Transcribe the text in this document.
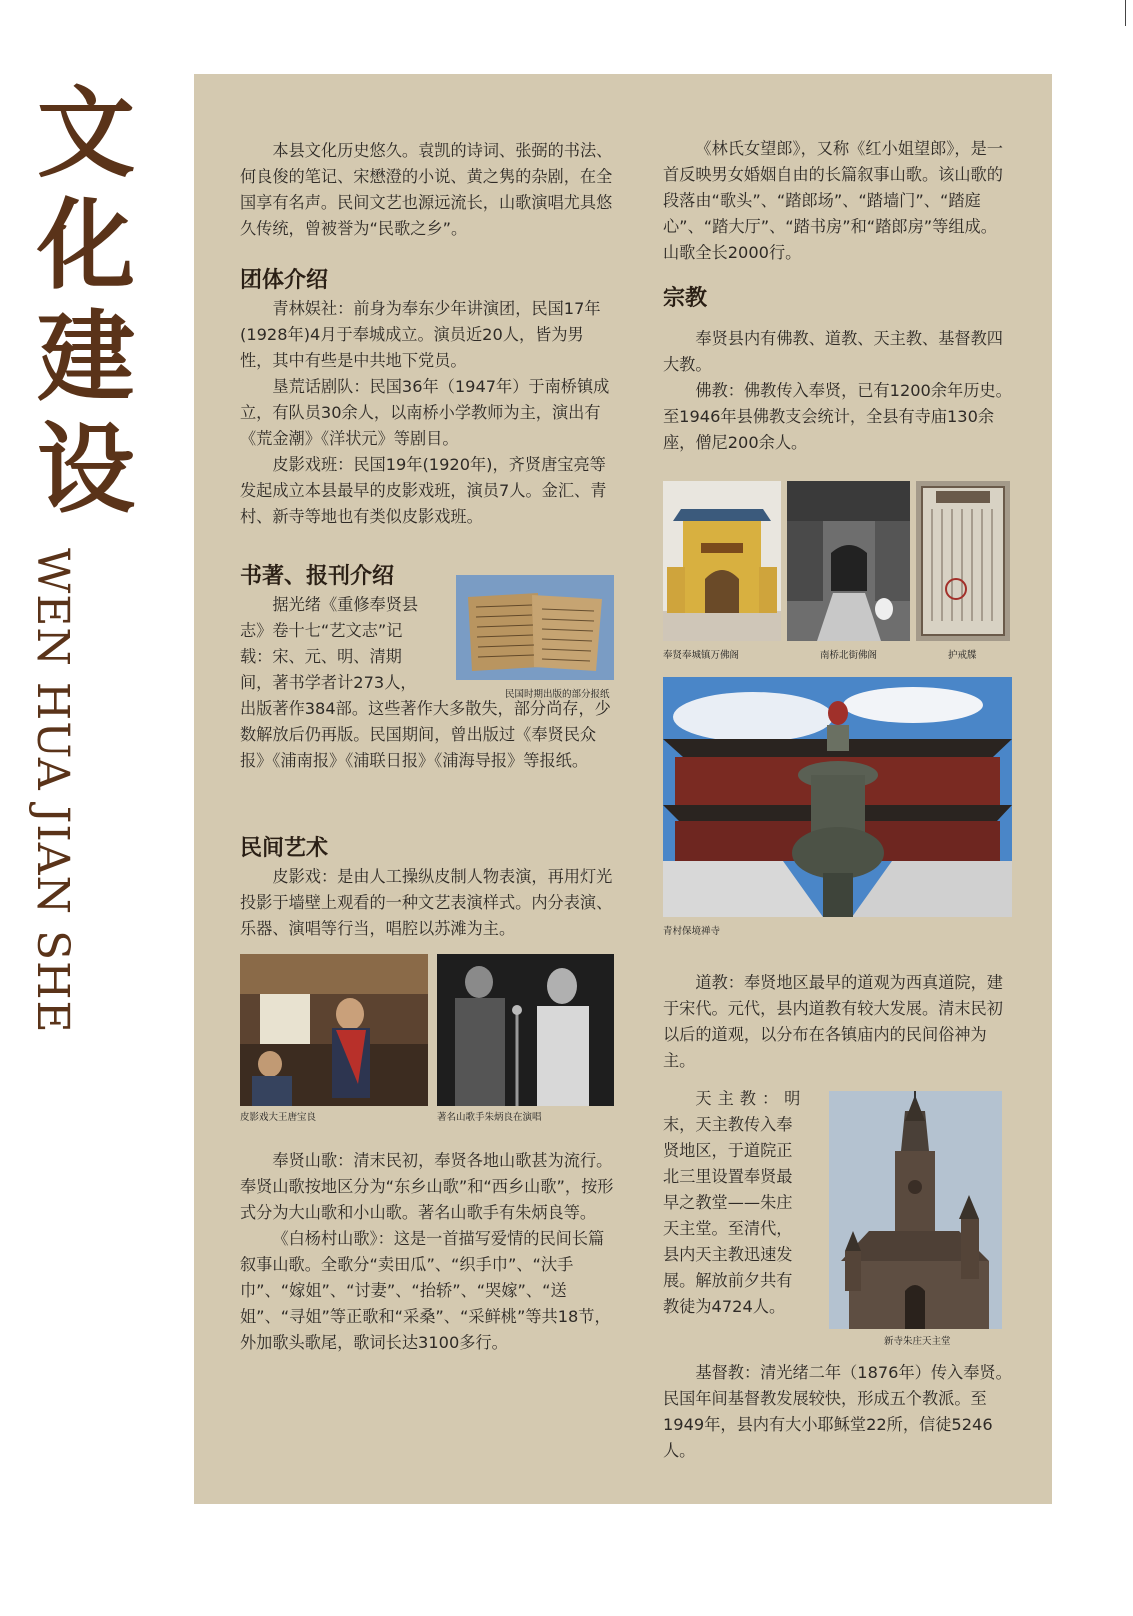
文
化
建
设
WEN HUA JIAN SHE

本县文化历史悠久。袁凯的诗词、张弼的书法、何良俊的笔记、宋懋澄的小说、黄之隽的杂剧，在全国享有名声。民间文艺也源远流长，山歌演唱尤具悠久传统，曾被誉为“民歌之乡”。

团体介绍

青林娱社：前身为奉东少年讲演团，民国17年(1928年)4月于奉城成立。演员近20人，皆为男性，其中有些是中共地下党员。

垦荒话剧队：民国36年（1947年）于南桥镇成立，有队员30余人，以南桥小学教师为主，演出有《荒金潮》《洋状元》等剧目。

皮影戏班：民国19年(1920年)，齐贤唐宝亮等发起成立本县最早的皮影戏班，演员7人。金汇、青村、新寺等地也有类似皮影戏班。

书著、报刊介绍
据光绪《重修奉贤县
志》卷十七“艺文志”记
载：宋、元、明、清期
间，著书学者计273人，
出版著作384部。这些著作大多散失，部分尚存，少数解放后仍再版。民国期间，曾出版过《奉贤民众报》《浦南报》《浦联日报》《浦海导报》等报纸。
民国时期出版的部分报纸
民间艺术

皮影戏：是由人工操纵皮制人物表演，再用灯光投影于墙壁上观看的一种文艺表演样式。内分表演、乐器、演唱等行当，唱腔以苏滩为主。

皮影戏大王唐宝良	著名山歌手朱炳良在演唱

奉贤山歌：清末民初，奉贤各地山歌甚为流行。奉贤山歌按地区分为“东乡山歌”和“西乡山歌”，按形式分为大山歌和小山歌。著名山歌手有朱炳良等。

《白杨村山歌》：这是一首描写爱情的民间长篇叙事山歌。全歌分“卖田瓜”、“织手巾”、“汏手巾”、“嫁姐”、“讨妻”、“抬轿”、“哭嫁”、“送姐”、“寻姐”等正歌和“采桑”、“采鲜桃”等共18节，外加歌头歌尾，歌词长达3100多行。

《林氏女望郎》，又称《红小姐望郎》，是一首反映男女婚姻自由的长篇叙事山歌。该山歌的段落由“歌头”、“踏郎场”、“踏墙门”、“踏庭心”、“踏大厅”、“踏书房”和“踏郎房”等组成。山歌全长2000行。

宗教

奉贤县内有佛教、道教、天主教、基督教四大教。

佛教：佛教传入奉贤，已有1200余年历史。至1946年县佛教支会统计，全县有寺庙130余座，僧尼200余人。

奉贤奉城镇万佛阁	南桥北街佛阁	护戒牒
青村保境禅寺

道教：奉贤地区最早的道观为西真道院，建于宋代。元代，县内道教有较大发展。清末民初以后的道观，以分布在各镇庙内的民间俗神为主。

天主教：明
末，天主教传入奉
贤地区，于道院正
北三里设置奉贤最
早之教堂——朱庄
天主堂。至清代，
县内天主教迅速发
展。解放前夕共有
教徒为4724人。
新寺朱庄天主堂

基督教：清光绪二年（1876年）传入奉贤。民国年间基督教发展较快，形成五个教派。至1949年，县内有大小耶稣堂22所，信徒5246人。
